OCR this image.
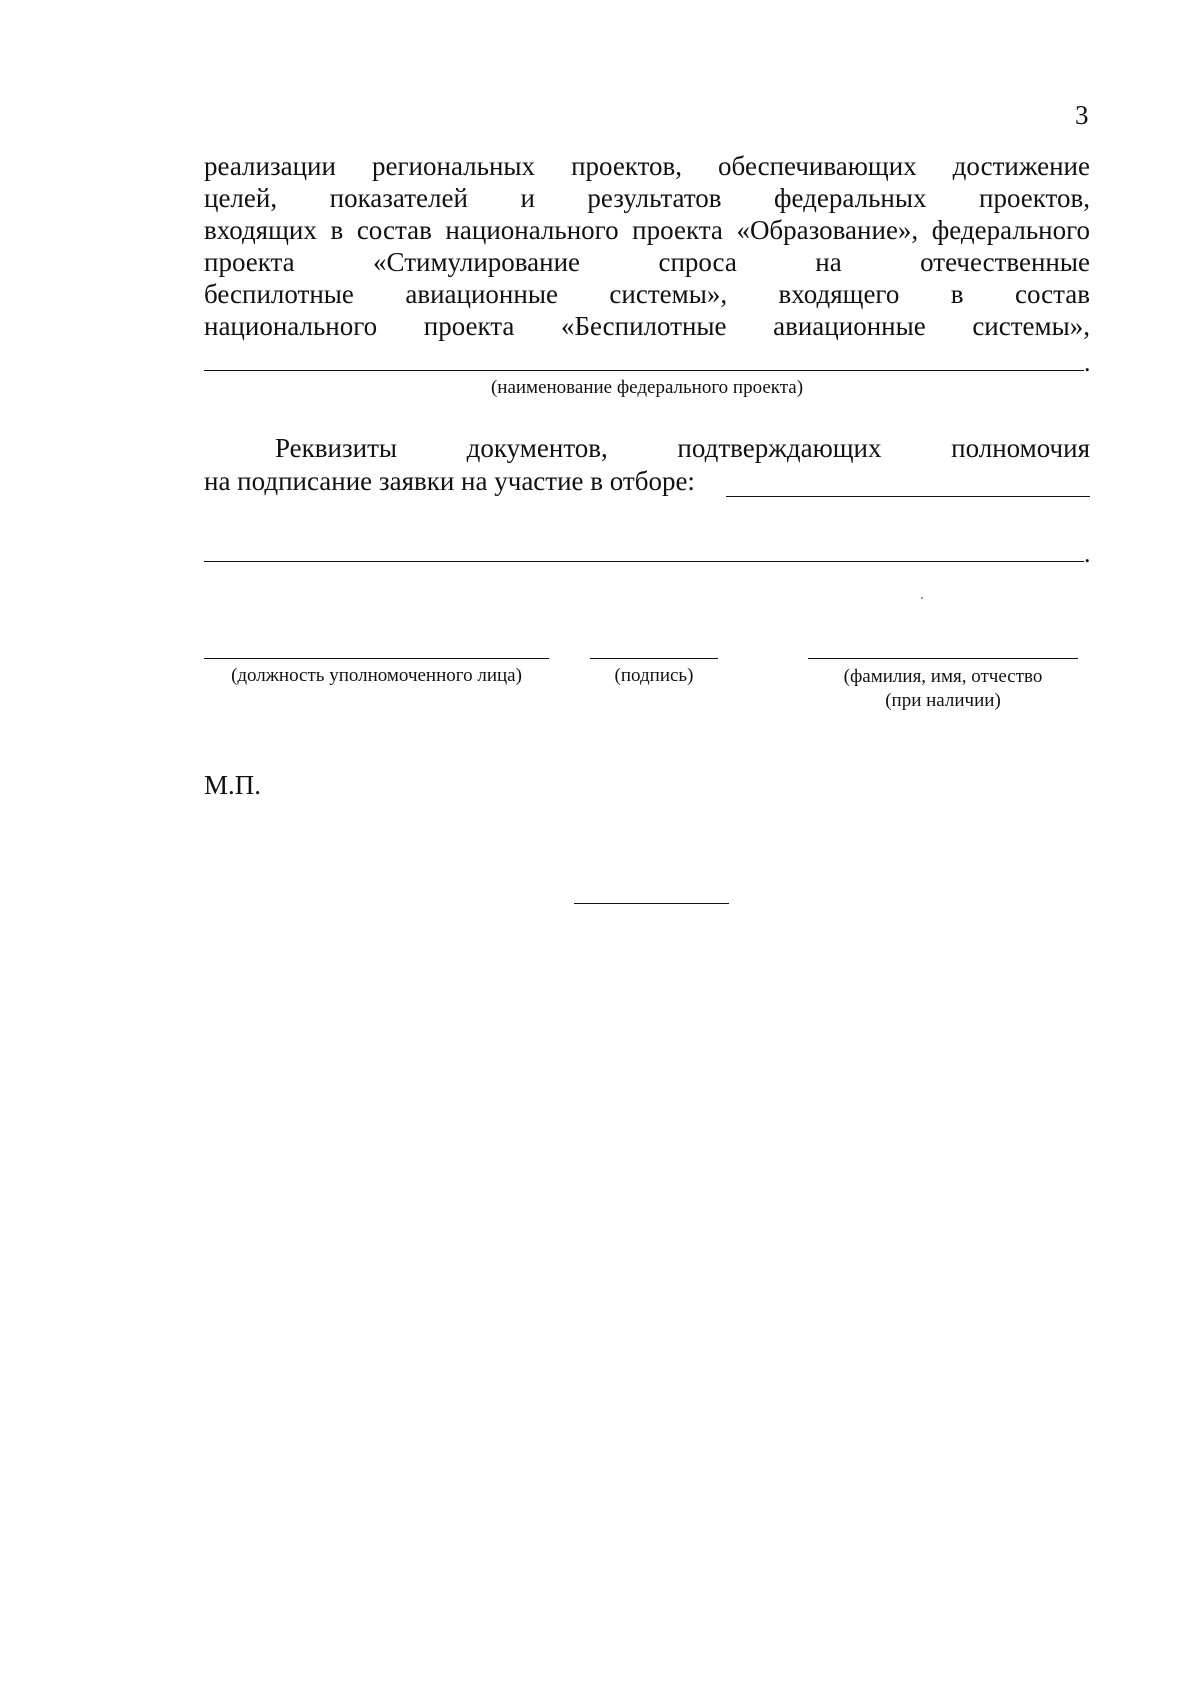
3
реализации региональных проектов, обеспечивающих достижение
целей, показателей и результатов федеральных проектов,
входящих в состав национального проекта «Образование», федерального
проекта «Стимулирование спроса на отечественные
беспилотные авиационные системы», входящего в состав
национального проекта «Беспилотные авиационные системы»,
.
(наименование федерального проекта)
Реквизиты документов, подтверждающих полномочия
на подписание заявки на участие в отборе:
.
(должность уполномоченного лица)	(подпись)	(фамилия, имя, отчество
(при наличии)
М.П.
